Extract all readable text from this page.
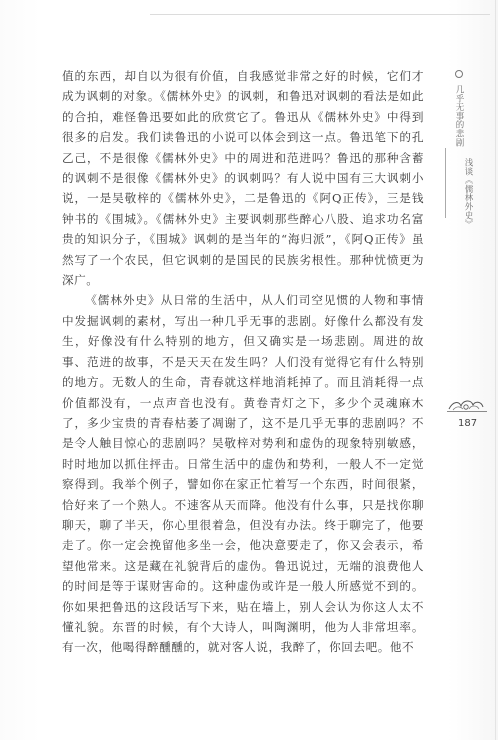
值的东西，却自以为很有价值，自我感觉非常之好的时候，它们才成为讽刺的对象。《儒林外史》的讽刺，和鲁迅对讽刺的看法是如此的合拍，难怪鲁迅要如此的欣赏它了。鲁迅从《儒林外史》中得到很多的启发。我们读鲁迅的小说可以体会到这一点。鲁迅笔下的孔乙己，不是很像《儒林外史》中的周进和范进吗？鲁迅的那种含蓄的讽刺不是很像《儒林外史》的讽刺吗？有人说中国有三大讽刺小说，一是吴敬梓的《儒林外史》，二是鲁迅的《阿Q正传》，三是钱钟书的《围城》。《儒林外史》主要讽刺那些醉心八股、追求功名富贵的知识分子，《围城》讽刺的是当年的“海归派”，《阿Q正传》虽然写了一个农民，但它讽刺的是国民的民族劣根性。那种忧愤更为深广。

《儒林外史》从日常的生活中，从人们司空见惯的人物和事情中发掘讽刺的素材，写出一种几乎无事的悲剧。好像什么都没有发生，好像没有什么特别的地方，但又确实是一场悲剧。周进的故事、范进的故事，不是天天在发生吗？人们没有觉得它有什么特别的地方。无数人的生命，青春就这样地消耗掉了。而且消耗得一点价值都没有，一点声音也没有。黄卷青灯之下，多少个灵魂麻木了，多少宝贵的青春枯萎了凋谢了，这不是几乎无事的悲剧吗？不是令人触目惊心的悲剧吗？吴敬梓对势利和虚伪的现象特别敏感，时时地加以抓住抨击。日常生活中的虚伪和势利，一般人不一定觉察得到。我举个例子，譬如你在家正忙着写一个东西，时间很紧，恰好来了一个熟人。不速客从天而降。他没有什么事，只是找你聊聊天，聊了半天，你心里很着急，但没有办法。终于聊完了，他要走了。你一定会挽留他多坐一会，他决意要走了，你又会表示，希望他常来。这是藏在礼貌背后的虚伪。鲁迅说过，无端的浪费他人的时间是等于谋财害命的。这种虚伪或许是一般人所感觉不到的。你如果把鲁迅的这段话写下来，贴在墙上，别人会认为你这人太不懂礼貌。东晋的时候，有个大诗人，叫陶渊明，他为人非常坦率。有一次，他喝得醉醺醺的，就对客人说，我醉了，你回去吧。他不

几乎无事的悲剧
浅谈《儒林外史》
187
